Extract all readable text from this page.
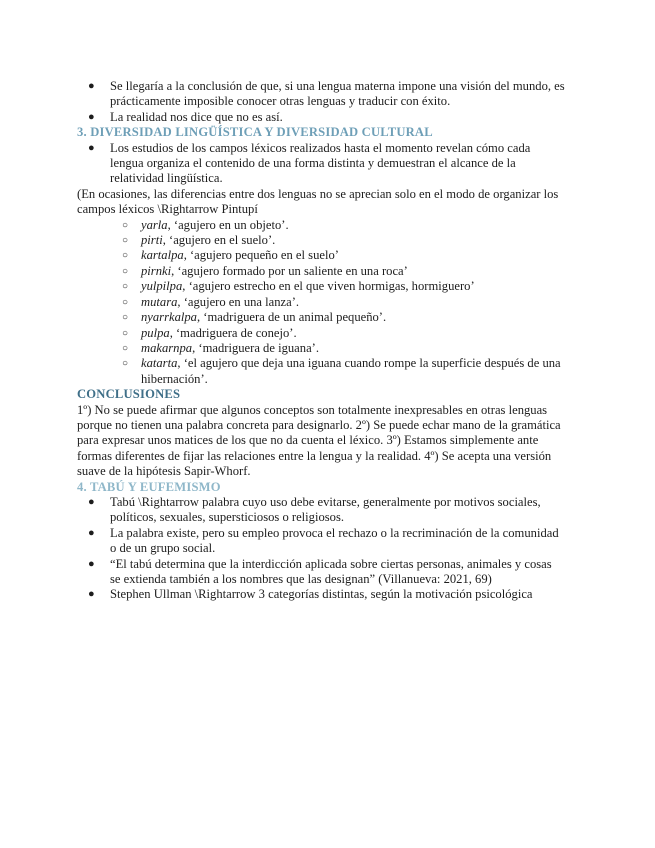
● Se llegaría a la conclusión de que, si una lengua materna impone una visión del mundo, es prácticamente imposible conocer otras lenguas y traducir con éxito.
● La realidad nos dice que no es así.
3. DIVERSIDAD LINGÜÍSTICA Y DIVERSIDAD CULTURAL
● Los estudios de los campos léxicos realizados hasta el momento revelan cómo cada lengua organiza el contenido de una forma distinta y demuestran el alcance de la relatividad lingüística.

(En ocasiones, las diferencias entre dos lenguas no se aprecian solo en el modo de organizar los campos léxicos \Rightarrow Pintupí

○ yarla, ‘agujero en un objeto’.
○ pirti, ‘agujero en el suelo’.
○ kartalpa, ‘agujero pequeño en el suelo’
○ pirnki, ‘agujero formado por un saliente en una roca’
○ yulpilpa, ‘agujero estrecho en el que viven hormigas, hormiguero’
○ mutara, ‘agujero en una lanza’.
○ nyarrkalpa, ‘madriguera de un animal pequeño’.
○ pulpa, ‘madriguera de conejo’.
○ makarnpa, ‘madriguera de iguana’.
○ katarta, ‘el agujero que deja una iguana cuando rompe la superficie después de una hibernación’.
CONCLUSIONES

1º) No se puede afirmar que algunos conceptos son totalmente inexpresables en otras lenguas porque no tienen una palabra concreta para designarlo. 2º) Se puede echar mano de la gramática para expresar unos matices de los que no da cuenta el léxico. 3º) Estamos simplemente ante formas diferentes de fijar las relaciones entre la lengua y la realidad. 4º) Se acepta una versión suave de la hipótesis Sapir-Whorf.

4. TABÚ Y EUFEMISMO
● Tabú \Rightarrow palabra cuyo uso debe evitarse, generalmente por motivos sociales, políticos, sexuales, supersticiosos o religiosos.
● La palabra existe, pero su empleo provoca el rechazo o la recriminación de la comunidad o de un grupo social.
● “El tabú determina que la interdicción aplicada sobre ciertas personas, animales y cosas se extienda también a los nombres que las designan” (Villanueva: 2021, 69)
● Stephen Ullman \Rightarrow 3 categorías distintas, según la motivación psicológica
